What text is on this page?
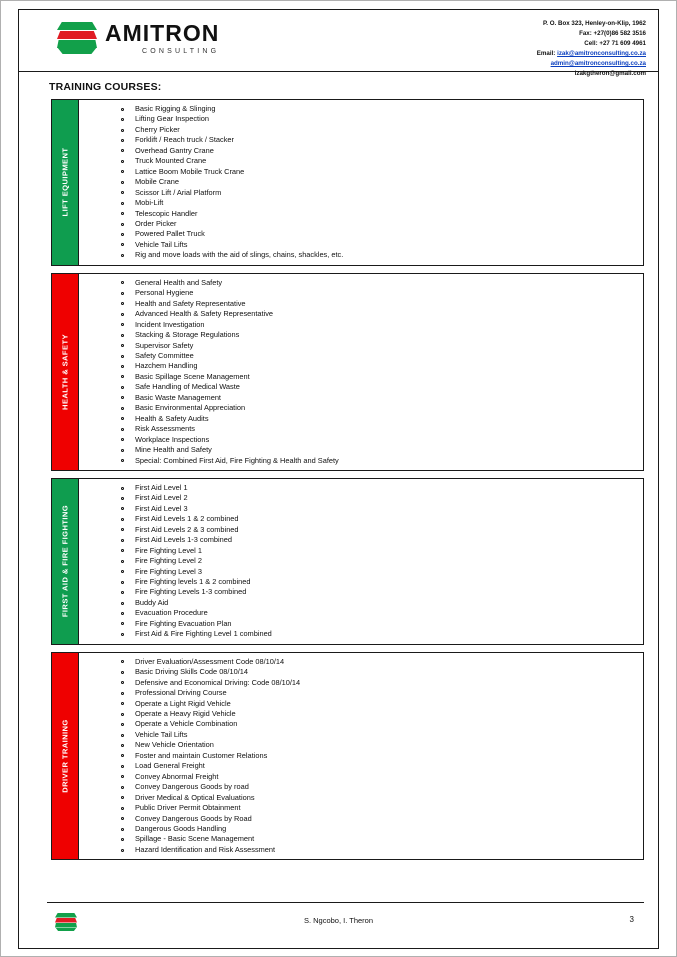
AMITRON
CONSULTING
P. O. Box 323, Henley-on-Klip, 1962
Fax: +27(0)86 582 3516
Cell: +27 71 609 4961
Email: izak@amitronconsulting.co.za
admin@amitronconsulting.co.za
izakgtheron@gmail.com
TRAINING COURSES:
LIFT EQUIPMENT
Basic Rigging & Slinging
Lifting Gear Inspection
Cherry Picker
Forklift / Reach truck / Stacker
Overhead Gantry Crane
Truck Mounted Crane
Lattice Boom Mobile Truck Crane
Mobile Crane
Scissor Lift / Arial Platform
Mobi-Lift
Telescopic Handler
Order Picker
Powered Pallet Truck
Vehicle Tail Lifts
Rig and move loads with the aid of slings, chains, shackles, etc.
HEALTH & SAFETY
General Health and Safety
Personal Hygiene
Health and Safety Representative
Advanced Health & Safety Representative
Incident Investigation
Stacking & Storage Regulations
Supervisor Safety
Safety Committee
Hazchem Handling
Basic Spillage Scene Management
Safe Handling of Medical Waste
Basic Waste Management
Basic Environmental Appreciation
Health & Safety Audits
Risk Assessments
Workplace Inspections
Mine Health and Safety
Special: Combined First Aid, Fire Fighting & Health and Safety
FIRST AID & FIRE FIGHTING
First Aid Level 1
First Aid Level 2
First Aid Level 3
First Aid Levels 1 & 2 combined
First Aid Levels 2 & 3 combined
First Aid Levels 1-3 combined
Fire Fighting Level 1
Fire Fighting Level 2
Fire Fighting Level 3
Fire Fighting levels 1 & 2 combined
Fire Fighting Levels 1-3 combined
Buddy Aid
Evacuation Procedure
Fire Fighting Evacuation Plan
First Aid & Fire Fighting Level 1 combined
DRIVER TRAINING
Driver Evaluation/Assessment Code 08/10/14
Basic Driving Skills Code 08/10/14
Defensive and Economical Driving: Code 08/10/14
Professional Driving Course
Operate a Light Rigid Vehicle
Operate a Heavy Rigid Vehicle
Operate a Vehicle Combination
Vehicle Tail Lifts
New Vehicle Orientation
Foster and maintain Customer Relations
Load General Freight
Convey Abnormal Freight
Convey Dangerous Goods by road
Driver Medical & Optical Evaluations
Public Driver Permit Obtainment
Convey Dangerous Goods by Road
Dangerous Goods Handling
Spillage - Basic Scene Management
Hazard Identification and Risk Assessment
S. Ngcobo, I. Theron	3
